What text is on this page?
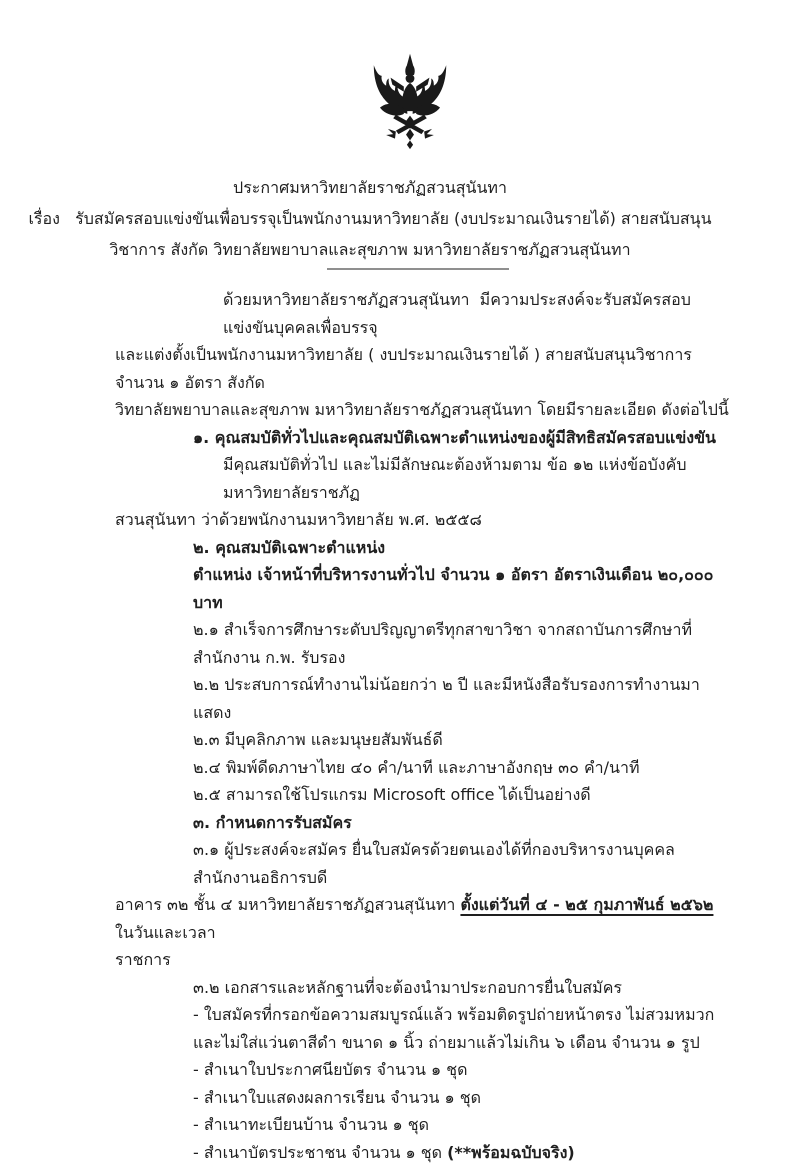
ประกาศมหาวิทยาลัยราชภัฏสวนสุนันทา
เรื่อง   รับสมัครสอบแข่งขันเพื่อบรรจุเป็นพนักงานมหาวิทยาลัย (งบประมาณเงินรายได้) สายสนับสนุน
วิชาการ สังกัด วิทยาลัยพยาบาลและสุขภาพ มหาวิทยาลัยราชภัฏสวนสุนันทา
ด้วยมหาวิทยาลัยราชภัฏสวนสุนันทา  มีความประสงค์จะรับสมัครสอบแข่งขันบุคคลเพื่อบรรจุ
และแต่งตั้งเป็นพนักงานมหาวิทยาลัย ( งบประมาณเงินรายได้ ) สายสนับสนุนวิชาการ จำนวน ๑ อัตรา สังกัด
วิทยาลัยพยาบาลและสุขภาพ มหาวิทยาลัยราชภัฏสวนสุนันทา โดยมีรายละเอียด ดังต่อไปนี้
๑. คุณสมบัติทั่วไปและคุณสมบัติเฉพาะตำแหน่งของผู้มีสิทธิสมัครสอบแข่งขัน
มีคุณสมบัติทั่วไป และไม่มีลักษณะต้องห้ามตาม ข้อ ๑๒ แห่งข้อบังคับมหาวิทยาลัยราชภัฏ
สวนสุนันทา ว่าด้วยพนักงานมหาวิทยาลัย พ.ศ. ๒๕๕๘
๒. คุณสมบัติเฉพาะตำแหน่ง
ตำแหน่ง เจ้าหน้าที่บริหารงานทั่วไป จำนวน ๑ อัตรา อัตราเงินเดือน ๒๐,๐๐๐ บาท
๒.๑ สำเร็จการศึกษาระดับปริญญาตรีทุกสาขาวิชา จากสถาบันการศึกษาที่สำนักงาน ก.พ. รับรอง
๒.๒ ประสบการณ์ทำงานไม่น้อยกว่า ๒ ปี และมีหนังสือรับรองการทำงานมาแสดง
๒.๓ มีบุคลิกภาพ และมนุษยสัมพันธ์ดี
๒.๔ พิมพ์ดีดภาษาไทย ๔๐ คำ/นาที และภาษาอังกฤษ ๓๐ คำ/นาที
๒.๕ สามารถใช้โปรแกรม Microsoft office ได้เป็นอย่างดี
๓. กำหนดการรับสมัคร
๓.๑ ผู้ประสงค์จะสมัคร ยื่นใบสมัครด้วยตนเองได้ที่กองบริหารงานบุคคล  สำนักงานอธิการบดี
อาคาร ๓๒ ชั้น ๔ มหาวิทยาลัยราชภัฏสวนสุนันทา ตั้งแต่วันที่ ๔ - ๒๕ กุมภาพันธ์ ๒๕๖๒ ในวันและเวลา
ราชการ
๓.๒ เอกสารและหลักฐานที่จะต้องนำมาประกอบการยื่นใบสมัคร
- ใบสมัครที่กรอกข้อความสมบูรณ์แล้ว พร้อมติดรูปถ่ายหน้าตรง ไม่สวมหมวก
และไม่ใส่แว่นตาสีดำ ขนาด ๑ นิ้ว ถ่ายมาแล้วไม่เกิน ๖ เดือน จำนวน ๑ รูป
- สำเนาใบประกาศนียบัตร จำนวน ๑ ชุด
- สำเนาใบแสดงผลการเรียน จำนวน ๑ ชุด
- สำเนาทะเบียนบ้าน จำนวน ๑ ชุด
- สำเนาบัตรประชาชน จำนวน ๑ ชุด (**พร้อมฉบับจริง)
